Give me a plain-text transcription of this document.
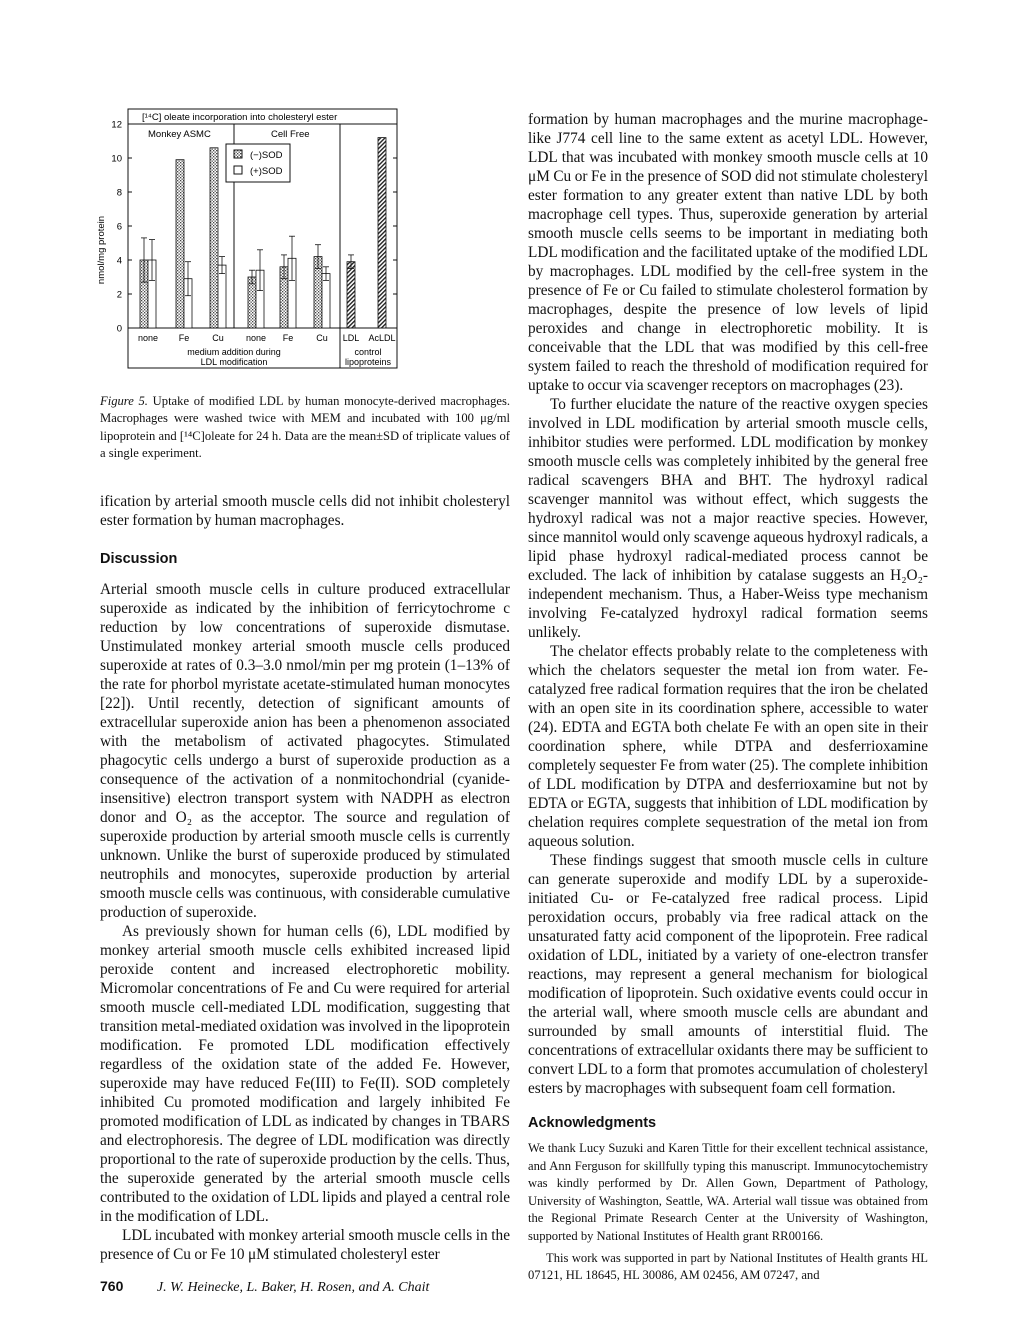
[¹⁴C] oleate incorporation into cholesteryl ester
Monkey ASMC	Cell Free
(−)SOD
(+)SOD
nmol/mg protein
medium addition during
LDL modification
control
lipoproteins
0
2
4
6
8
10
12
none Fe	Cu none Fe	Cu LDL AcLDL
Figure 5. Uptake of modified LDL by human monocyte-derived macrophages. Macrophages were washed twice with MEM and incubated with 100 μg/ml lipoprotein and [¹⁴C]oleate for 24 h. Data are the mean±SD of triplicate values of a single experiment.

ification by arterial smooth muscle cells did not inhibit cholesteryl ester formation by human macrophages.

Discussion

Arterial smooth muscle cells in culture produced extracellular superoxide as indicated by the inhibition of ferricytochrome c reduction by low concentrations of superoxide dismutase. Unstimulated monkey arterial smooth muscle cells produced superoxide at rates of 0.3–3.0 nmol/min per mg protein (1–13% of the rate for phorbol myristate acetate-stimulated human monocytes [22]). Until recently, detection of significant amounts of extracellular superoxide anion has been a phenomenon associated with the metabolism of activated phagocytes. Stimulated phagocytic cells undergo a burst of superoxide production as a consequence of the activation of a nonmitochondrial (cyanide-insensitive) electron transport system with NADPH as electron donor and O₂ as the acceptor. The source and regulation of superoxide production by arterial smooth muscle cells is currently unknown. Unlike the burst of superoxide produced by stimulated neutrophils and monocytes, superoxide production by arterial smooth muscle cells was continuous, with considerable cumulative production of superoxide.

As previously shown for human cells (6), LDL modified by monkey arterial smooth muscle cells exhibited increased lipid peroxide content and increased electrophoretic mobility. Micromolar concentrations of Fe and Cu were required for arterial smooth muscle cell-mediated LDL modification, suggesting that transition metal-mediated oxidation was involved in the lipoprotein modification. Fe promoted LDL modification effectively regardless of the oxidation state of the added Fe. However, superoxide may have reduced Fe(III) to Fe(II). SOD completely inhibited Cu promoted modification and largely inhibited Fe promoted modification of LDL as indicated by changes in TBARS and electrophoresis. The degree of LDL modification was directly proportional to the rate of superoxide production by the cells. Thus, the superoxide generated by the arterial smooth muscle cells contributed to the oxidation of LDL lipids and played a central role in the modification of LDL.

LDL incubated with monkey arterial smooth muscle cells in the presence of Cu or Fe 10 μM stimulated cholesteryl ester

760 J. W. Heinecke, L. Baker, H. Rosen, and A. Chait

formation by human macrophages and the murine macrophage-like J774 cell line to the same extent as acetyl LDL. However, LDL that was incubated with monkey smooth muscle cells at 10 μM Cu or Fe in the presence of SOD did not stimulate cholesteryl ester formation to any greater extent than native LDL by both macrophage cell types. Thus, superoxide generation by arterial smooth muscle cells seems to be important in mediating both LDL modification and the facilitated uptake of the modified LDL by macrophages. LDL modified by the cell-free system in the presence of Fe or Cu failed to stimulate cholesterol formation by macrophages, despite the presence of low levels of lipid peroxides and change in electrophoretic mobility. It is conceivable that the LDL that was modified by this cell-free system failed to reach the threshold of modification required for uptake to occur via scavenger receptors on macrophages (23).

To further elucidate the nature of the reactive oxygen species involved in LDL modification by arterial smooth muscle cells, inhibitor studies were performed. LDL modification by monkey smooth muscle cells was completely inhibited by the general free radical scavengers BHA and BHT. The hydroxyl radical scavenger mannitol was without effect, which suggests the hydroxyl radical was not a major reactive species. However, since mannitol would only scavenge aqueous hydroxyl radicals, a lipid phase hydroxyl radical-mediated process cannot be excluded. The lack of inhibition by catalase suggests an H₂O₂-independent mechanism. Thus, a Haber-Weiss type mechanism involving Fe-catalyzed hydroxyl radical formation seems unlikely.

The chelator effects probably relate to the completeness with which the chelators sequester the metal ion from water. Fe-catalyzed free radical formation requires that the iron be chelated with an open site in its coordination sphere, accessible to water (24). EDTA and EGTA both chelate Fe with an open site in their coordination sphere, while DTPA and desferrioxamine completely sequester Fe from water (25). The complete inhibition of LDL modification by DTPA and desferrioxamine but not by EDTA or EGTA, suggests that inhibition of LDL modification by chelation requires complete sequestration of the metal ion from aqueous solution.

These findings suggest that smooth muscle cells in culture can generate superoxide and modify LDL by a superoxide-initiated Cu- or Fe-catalyzed free radical process. Lipid peroxidation occurs, probably via free radical attack on the unsaturated fatty acid component of the lipoprotein. Free radical oxidation of LDL, initiated by a variety of one-electron transfer reactions, may represent a general mechanism for biological modification of lipoprotein. Such oxidative events could occur in the arterial wall, where smooth muscle cells are abundant and surrounded by small amounts of interstitial fluid. The concentrations of extracellular oxidants there may be sufficient to convert LDL to a form that promotes accumulation of cholesteryl esters by macrophages with subsequent foam cell formation.

Acknowledgments

We thank Lucy Suzuki and Karen Tittle for their excellent technical assistance, and Ann Ferguson for skillfully typing this manuscript. Immunocytochemistry was kindly performed by Dr. Allen Gown, Department of Pathology, University of Washington, Seattle, WA. Arterial wall tissue was obtained from the Regional Primate Research Center at the University of Washington, supported by National Institutes of Health grant RR00166.

This work was supported in part by National Institutes of Health grants HL 07121, HL 18645, HL 30086, AM 02456, AM 07247, and
